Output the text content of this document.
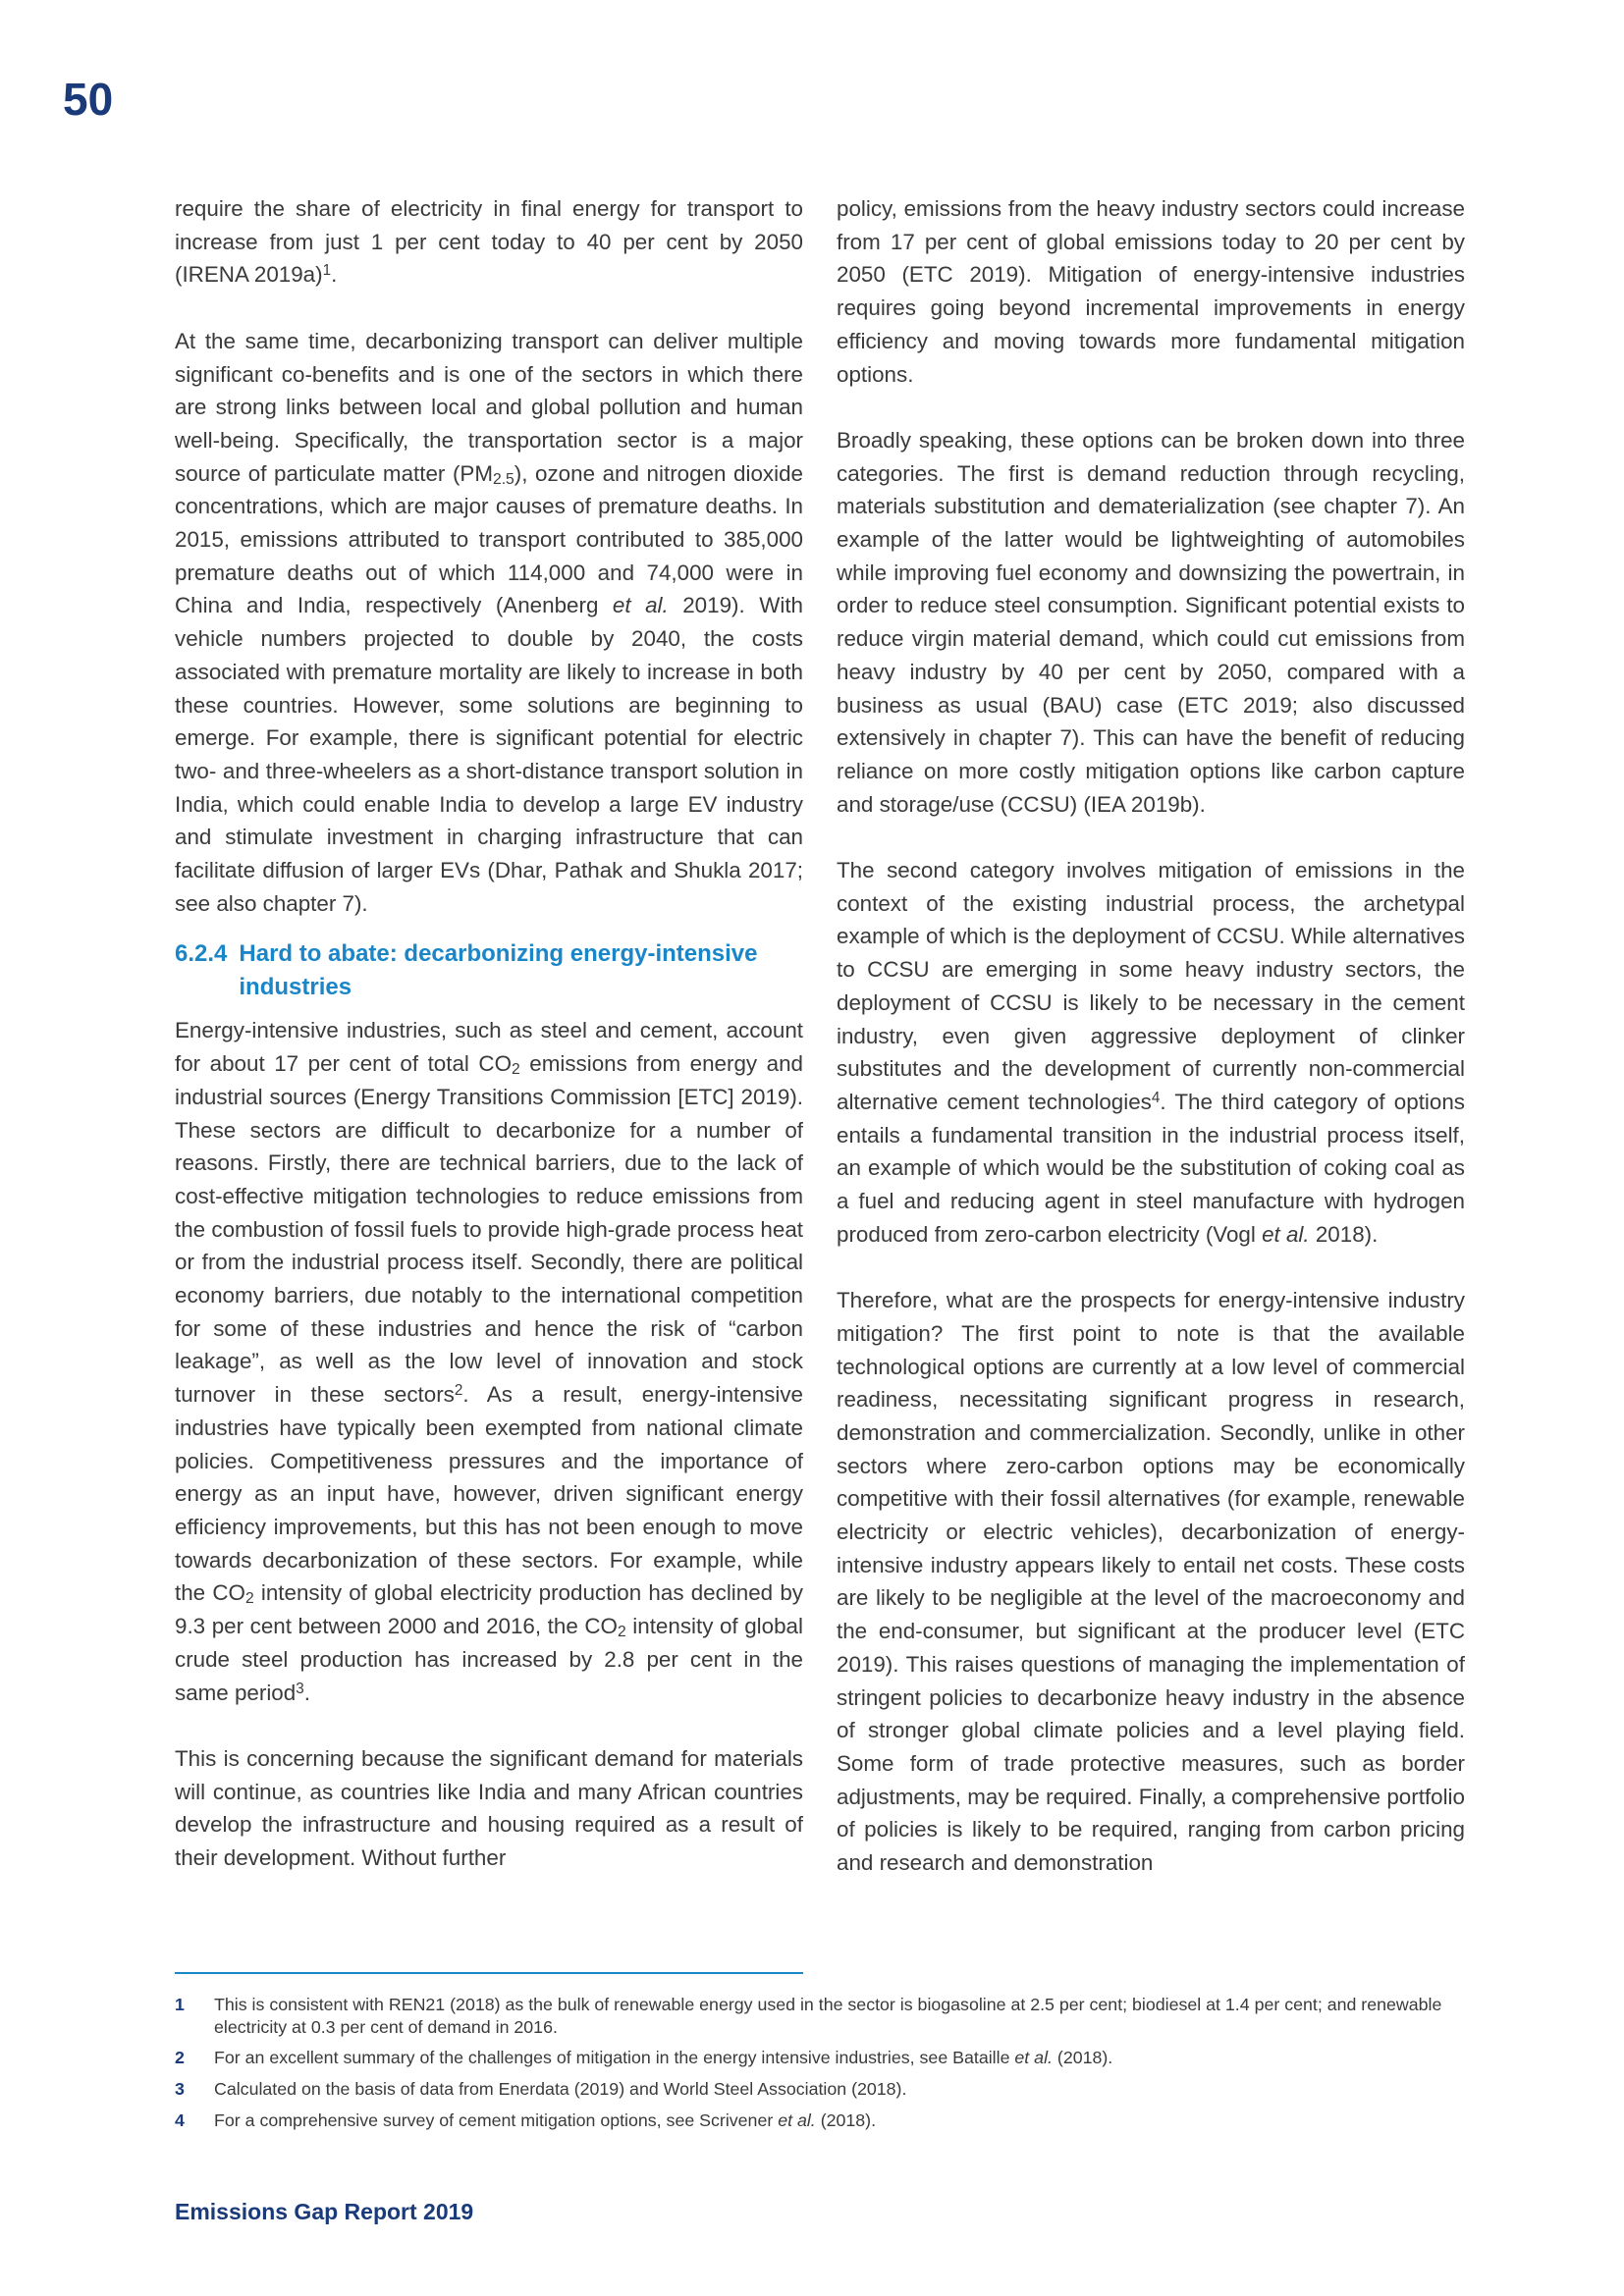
50

require the share of electricity in final energy for transport to increase from just 1 per cent today to 40 per cent by 2050 (IRENA 2019a)$^1$.

At the same time, decarbonizing transport can deliver multiple significant co-benefits and is one of the sectors in which there are strong links between local and global pollution and human well-being. Specifically, the transportation sector is a major source of particulate matter $(PM_{2.5})$, ozone and nitrogen dioxide concentrations, which are major causes of premature deaths. In 2015, emissions attributed to transport contributed to 385,000 premature deaths out of which 114,000 and 74,000 were in China and India, respectively (Anenberg et al. 2019). With vehicle numbers projected to double by 2040, the costs associated with premature mortality are likely to increase in both these countries. However, some solutions are beginning to emerge. For example, there is significant potential for electric two- and three-wheelers as a short-distance transport solution in India, which could enable India to develop a large EV industry and stimulate investment in charging infrastructure that can facilitate diffusion of larger EVs (Dhar, Pathak and Shukla 2017; see also chapter 7).

6.2.4 Hard to abate: decarbonizing energy-intensive industries

Energy-intensive industries, such as steel and cement, account for about 17 per cent of total $CO_2$ emissions from energy and industrial sources (Energy Transitions Commission [ETC] 2019). These sectors are difficult to decarbonize for a number of reasons. Firstly, there are technical barriers, due to the lack of cost-effective mitigation technologies to reduce emissions from the combustion of fossil fuels to provide high-grade process heat or from the industrial process itself. Secondly, there are political economy barriers, due notably to the international competition for some of these industries and hence the risk of “carbon leakage”, as well as the low level of innovation and stock turnover in these sectors$^2$. As a result, energy-intensive industries have typically been exempted from national climate policies. Competitiveness pressures and the importance of energy as an input have, however, driven significant energy efficiency improvements, but this has not been enough to move towards decarbonization of these sectors. For example, while the $CO_2$ intensity of global electricity production has declined by 9.3 per cent between 2000 and 2016, the $CO_2$ intensity of global crude steel production has increased by 2.8 per cent in the same period$^3$.

This is concerning because the significant demand for materials will continue, as countries like India and many African countries develop the infrastructure and housing required as a result of their development. Without further

policy, emissions from the heavy industry sectors could increase from 17 per cent of global emissions today to 20 per cent by 2050 (ETC 2019). Mitigation of energy-intensive industries requires going beyond incremental improvements in energy efficiency and moving towards more fundamental mitigation options.

Broadly speaking, these options can be broken down into three categories. The first is demand reduction through recycling, materials substitution and dematerialization (see chapter 7). An example of the latter would be lightweighting of automobiles while improving fuel economy and downsizing the powertrain, in order to reduce steel consumption. Significant potential exists to reduce virgin material demand, which could cut emissions from heavy industry by 40 per cent by 2050, compared with a business as usual (BAU) case (ETC 2019; also discussed extensively in chapter 7). This can have the benefit of reducing reliance on more costly mitigation options like carbon capture and storage/use (CCSU) (IEA 2019b).

The second category involves mitigation of emissions in the context of the existing industrial process, the archetypal example of which is the deployment of CCSU. While alternatives to CCSU are emerging in some heavy industry sectors, the deployment of CCSU is likely to be necessary in the cement industry, even given aggressive deployment of clinker substitutes and the development of currently non-commercial alternative cement technologies$^4$. The third category of options entails a fundamental transition in the industrial process itself, an example of which would be the substitution of coking coal as a fuel and reducing agent in steel manufacture with hydrogen produced from zero-carbon electricity (Vogl et al. 2018).

Therefore, what are the prospects for energy-intensive industry mitigation? The first point to note is that the available technological options are currently at a low level of commercial readiness, necessitating significant progress in research, demonstration and commercialization. Secondly, unlike in other sectors where zero-carbon options may be economically competitive with their fossil alternatives (for example, renewable electricity or electric vehicles), decarbonization of energy-intensive industry appears likely to entail net costs. These costs are likely to be negligible at the level of the macroeconomy and the end-consumer, but significant at the producer level (ETC 2019). This raises questions of managing the implementation of stringent policies to decarbonize heavy industry in the absence of stronger global climate policies and a level playing field. Some form of trade protective measures, such as border adjustments, may be required. Finally, a comprehensive portfolio of policies is likely to be required, ranging from carbon pricing and research and demonstration

1	This is consistent with REN21 (2018) as the bulk of renewable energy used in the sector is biogasoline at 2.5 per cent; biodiesel at 1.4 per cent; and renewable electricity at 0.3 per cent of demand in 2016.
2	For an excellent summary of the challenges of mitigation in the energy intensive industries, see Bataille et al. (2018).
3	Calculated on the basis of data from Enerdata (2019) and World Steel Association (2018).
4	For a comprehensive survey of cement mitigation options, see Scrivener et al. (2018).
Emissions Gap Report 2019
